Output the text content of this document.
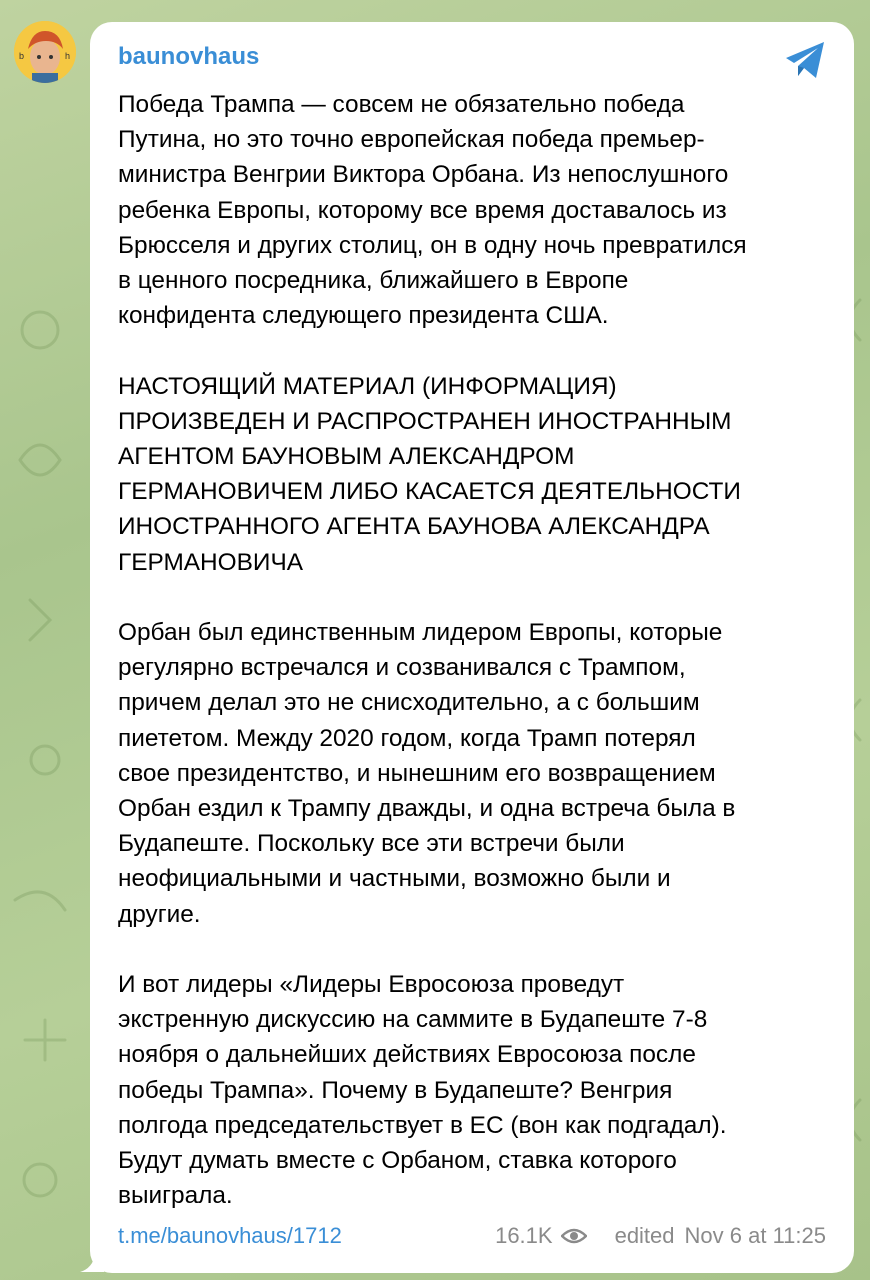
b	h baunovhaus

Победа Трампа — совсем не обязательно победа
Путина, но это точно европейская победа премьер-
министра Венгрии Виктора Орбана. Из непослушного
ребенка Европы, которому все время доставалось из
Брюсселя и других столиц, он в одну ночь превратился
в ценного посредника, ближайшего в Европе
конфидента следующего президента США.

НАСТОЯЩИЙ МАТЕРИАЛ (ИНФОРМАЦИЯ)
ПРОИЗВЕДЕН И РАСПРОСТРАНЕН ИНОСТРАННЫМ
АГЕНТОМ БАУНОВЫМ АЛЕКСАНДРОМ
ГЕРМАНОВИЧЕМ ЛИБО КАСАЕТСЯ ДЕЯТЕЛЬНОСТИ
ИНОСТРАННОГО АГЕНТА БАУНОВА АЛЕКСАНДРА
ГЕРМАНОВИЧА

Орбан был единственным лидером Европы, которые
регулярно встречался и созванивался с Трампом,
причем делал это не снисходительно, а с большим
пиететом. Между 2020 годом, когда Трамп потерял
свое президентство, и нынешним его возвращением
Орбан ездил к Трампу дважды, и одна встреча была в
Будапеште. Поскольку все эти встречи были
неофициальными и частными, возможно были и
другие.

И вот лидеры «Лидеры Евросоюза проведут
экстренную дискуссию на саммите в Будапеште 7-8
ноября о дальнейших действиях Евросоюза после
победы Трампа». Почему в Будапеште? Венгрия
полгода председательствует в ЕС (вон как подгадал).
Будут думать вместе с Орбаном, ставка которого
выиграла.

t.me/baunovhaus/1712	16.1K	edited Nov 6 at 11:25
